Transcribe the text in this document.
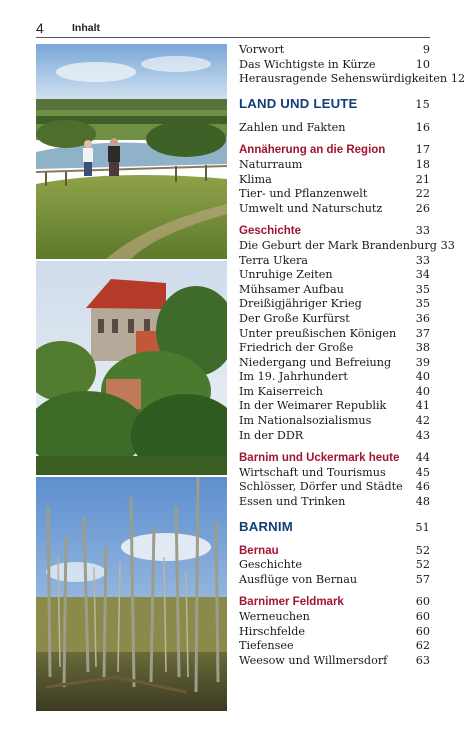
4	Inhalt
Vorwort	9
Das Wichtigste in Kürze	10
Herausragende Sehenswürdigkeiten 12
LAND UND LEUTE	15
Zahlen und Fakten	16
Annäherung an die Region	17
Naturraum	18
Klima	21
Tier- und Pflanzenwelt	22
Umwelt und Naturschutz	26
Geschichte	33
Die Geburt der Mark Brandenburg 33
Terra Ukera	33
Unruhige Zeiten	34
Mühsamer Aufbau	35
Dreißigjähriger Krieg	35
Der Große Kurfürst	36
Unter preußischen Königen	37
Friedrich der Große	38
Niedergang und Befreiung	39
Im 19. Jahrhundert	40
Im Kaiserreich	40
In der Weimarer Republik	41
Im Nationalsozialismus	42
In der DDR	43
Barnim und Uckermark heute	44
Wirtschaft und Tourismus	45
Schlösser, Dörfer und Städte	46
Essen und Trinken	48
BARNIM	51
Bernau	52
Geschichte	52
Ausflüge von Bernau	57
Barnimer Feldmark	60
Werneuchen	60
Hirschfelde	60
Tiefensee	62
Weesow und Willmersdorf	63
